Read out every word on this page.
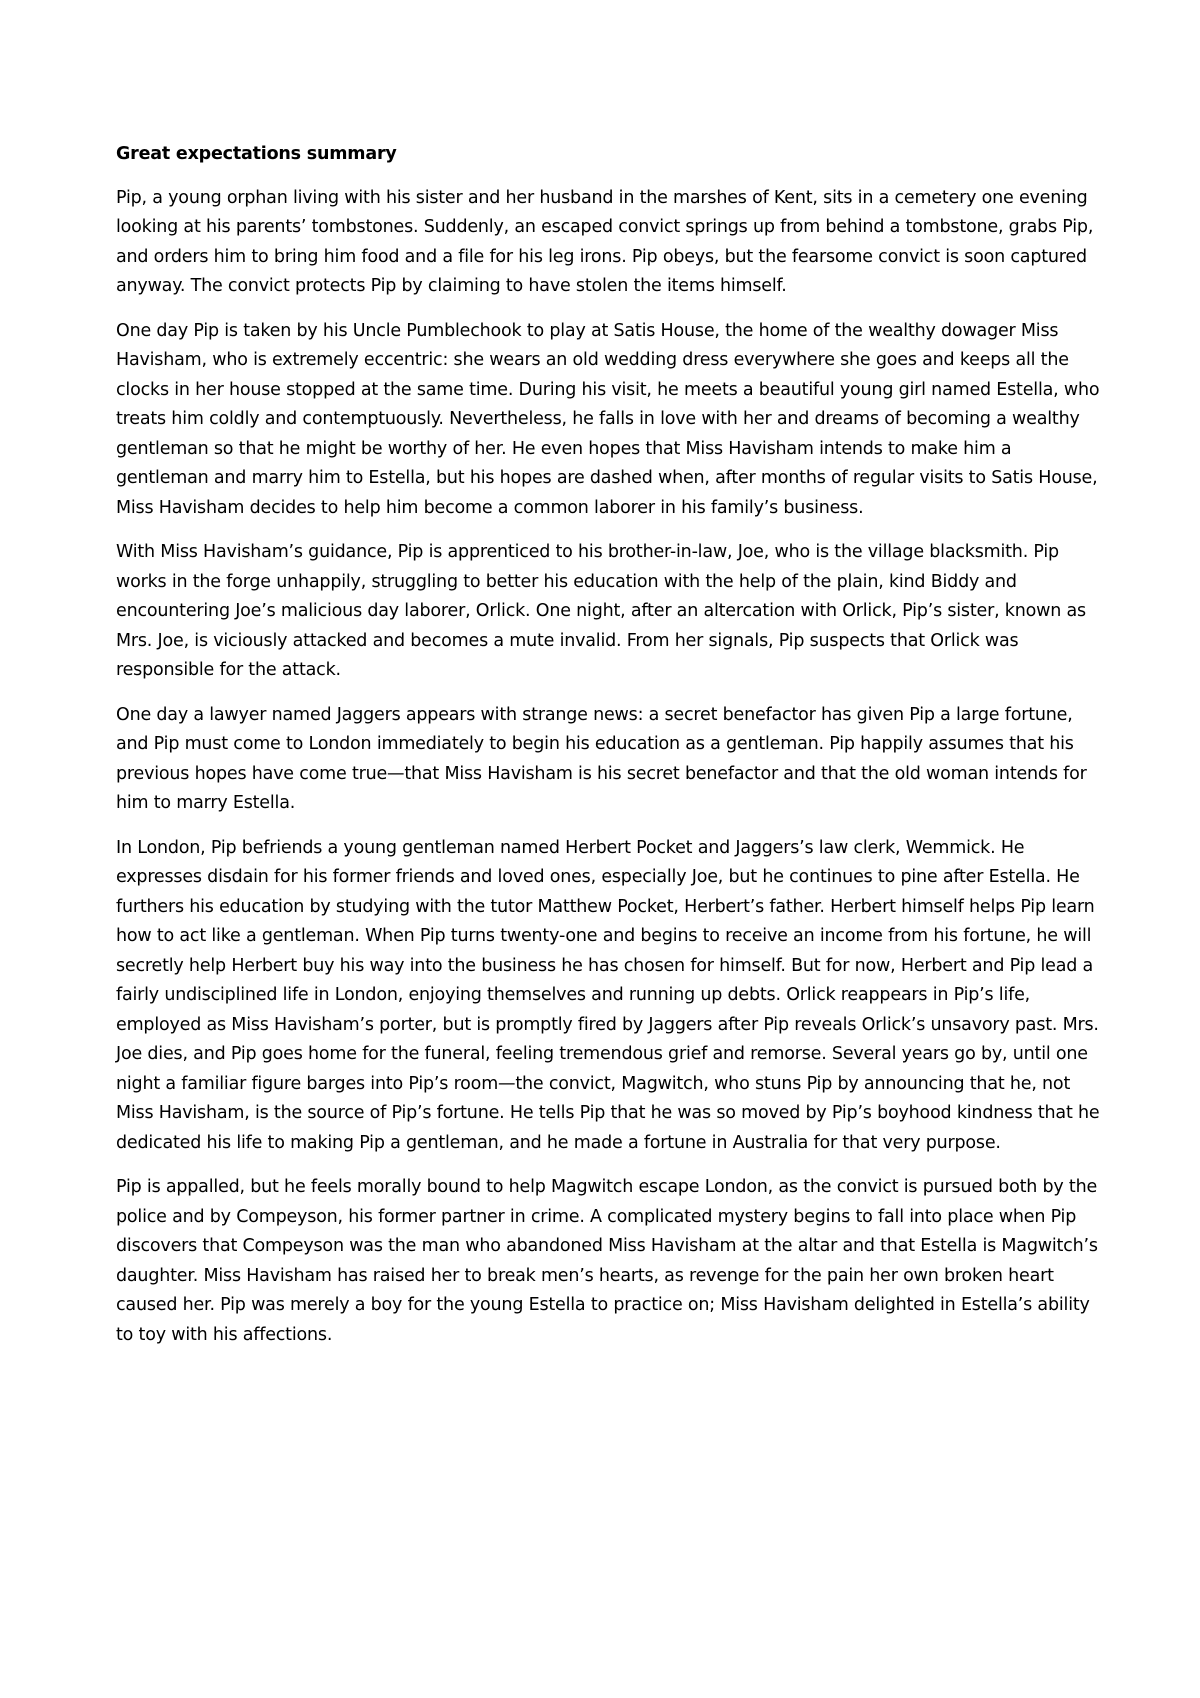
Great expectations summary

Pip, a young orphan living with his sister and her husband in the marshes of Kent, sits in a cemetery one evening looking at his parents’ tombstones. Suddenly, an escaped convict springs up from behind a tombstone, grabs Pip, and orders him to bring him food and a file for his leg irons. Pip obeys, but the fearsome convict is soon captured anyway. The convict protects Pip by claiming to have stolen the items himself.

One day Pip is taken by his Uncle Pumblechook to play at Satis House, the home of the wealthy dowager Miss Havisham, who is extremely eccentric: she wears an old wedding dress everywhere she goes and keeps all the clocks in her house stopped at the same time. During his visit, he meets a beautiful young girl named Estella, who treats him coldly and contemptuously. Nevertheless, he falls in love with her and dreams of becoming a wealthy gentleman so that he might be worthy of her. He even hopes that Miss Havisham intends to make him a gentleman and marry him to Estella, but his hopes are dashed when, after months of regular visits to Satis House, Miss Havisham decides to help him become a common laborer in his family’s business.

With Miss Havisham’s guidance, Pip is apprenticed to his brother-in-law, Joe, who is the village blacksmith. Pip works in the forge unhappily, struggling to better his education with the help of the plain, kind Biddy and encountering Joe’s malicious day laborer, Orlick. One night, after an altercation with Orlick, Pip’s sister, known as Mrs. Joe, is viciously attacked and becomes a mute invalid. From her signals, Pip suspects that Orlick was responsible for the attack.

One day a lawyer named Jaggers appears with strange news: a secret benefactor has given Pip a large fortune, and Pip must come to London immediately to begin his education as a gentleman. Pip happily assumes that his previous hopes have come true—that Miss Havisham is his secret benefactor and that the old woman intends for him to marry Estella.

In London, Pip befriends a young gentleman named Herbert Pocket and Jaggers’s law clerk, Wemmick. He expresses disdain for his former friends and loved ones, especially Joe, but he continues to pine after Estella. He furthers his education by studying with the tutor Matthew Pocket, Herbert’s father. Herbert himself helps Pip learn how to act like a gentleman. When Pip turns twenty-one and begins to receive an income from his fortune, he will secretly help Herbert buy his way into the business he has chosen for himself. But for now, Herbert and Pip lead a fairly undisciplined life in London, enjoying themselves and running up debts. Orlick reappears in Pip’s life, employed as Miss Havisham’s porter, but is promptly fired by Jaggers after Pip reveals Orlick’s unsavory past. Mrs. Joe dies, and Pip goes home for the funeral, feeling tremendous grief and remorse. Several years go by, until one night a familiar figure barges into Pip’s room—the convict, Magwitch, who stuns Pip by announcing that he, not Miss Havisham, is the source of Pip’s fortune. He tells Pip that he was so moved by Pip’s boyhood kindness that he dedicated his life to making Pip a gentleman, and he made a fortune in Australia for that very purpose.

Pip is appalled, but he feels morally bound to help Magwitch escape London, as the convict is pursued both by the police and by Compeyson, his former partner in crime. A complicated mystery begins to fall into place when Pip discovers that Compeyson was the man who abandoned Miss Havisham at the altar and that Estella is Magwitch’s daughter. Miss Havisham has raised her to break men’s hearts, as revenge for the pain her own broken heart caused her. Pip was merely a boy for the young Estella to practice on; Miss Havisham delighted in Estella’s ability to toy with his affections.
